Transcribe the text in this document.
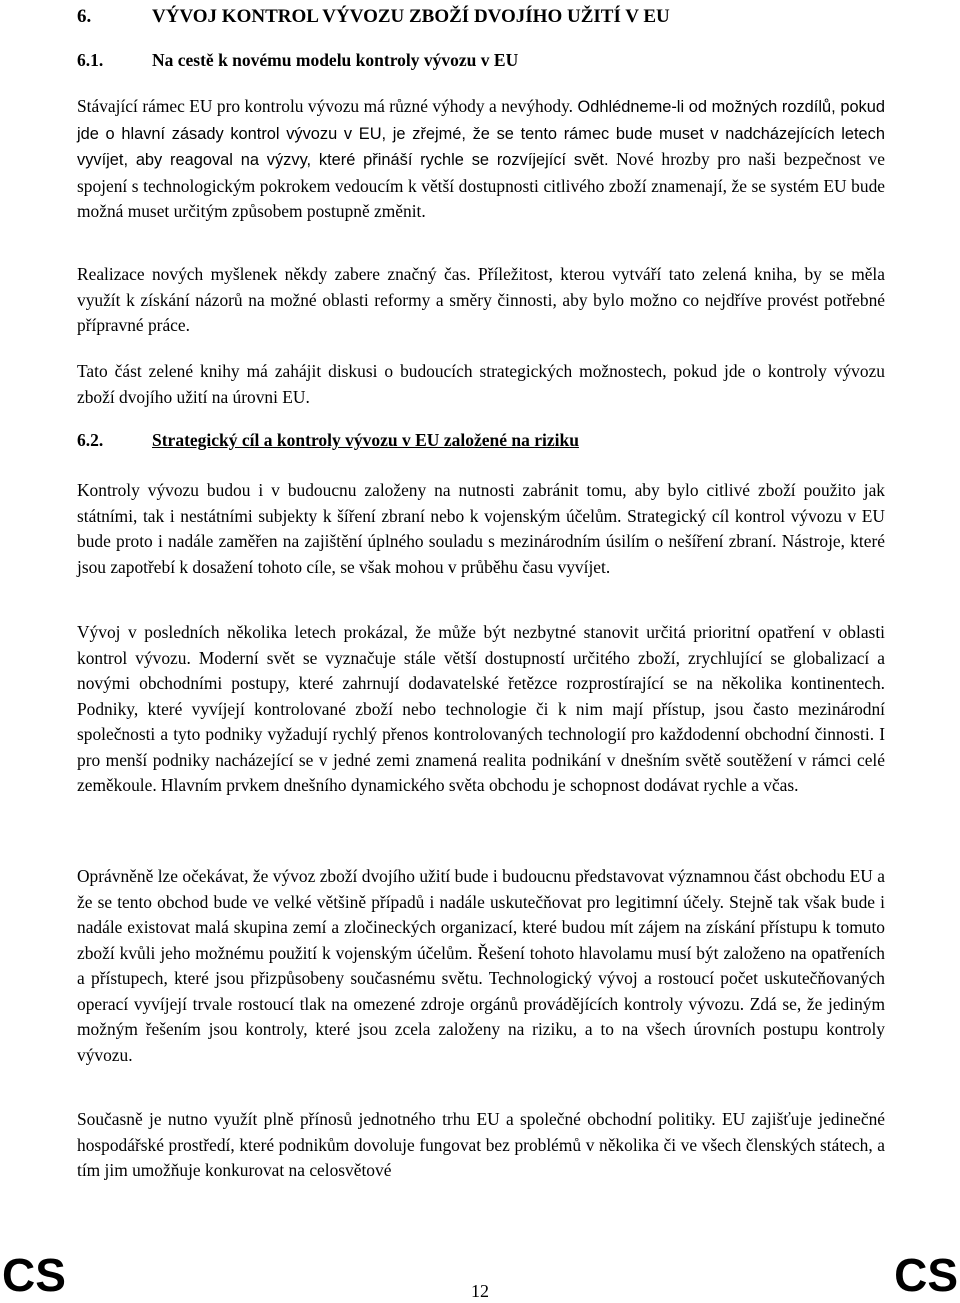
6.	VÝVOJ KONTROL VÝVOZU ZBOŽÍ DVOJÍHO UŽITÍ V EU
6.1.	Na cestě k novému modelu kontroly vývozu v EU

Stávající rámec EU pro kontrolu vývozu má různé výhody a nevýhody. Odhlédneme-li od možných rozdílů, pokud jde o hlavní zásady kontrol vývozu v EU, je zřejmé, že se tento rámec bude muset v nadcházejících letech vyvíjet, aby reagoval na výzvy, které přináší rychle se rozvíjející svět. Nové hrozby pro naši bezpečnost ve spojení s technologickým pokrokem vedoucím k větší dostupnosti citlivého zboží znamenají, že se systém EU bude možná muset určitým způsobem postupně změnit.

Realizace nových myšlenek někdy zabere značný čas. Příležitost, kterou vytváří tato zelená kniha, by se měla využít k získání názorů na možné oblasti reformy a směry činnosti, aby bylo možno co nejdříve provést potřebné přípravné práce.

Tato část zelené knihy má zahájit diskusi o budoucích strategických možnostech, pokud jde o kontroly vývozu zboží dvojího užití na úrovni EU.

6.2.	Strategický cíl a kontroly vývozu v EU založené na riziku

Kontroly vývozu budou i v budoucnu založeny na nutnosti zabránit tomu, aby bylo citlivé zboží použito jak státními, tak i nestátními subjekty k šíření zbraní nebo k vojenským účelům. Strategický cíl kontrol vývozu v EU bude proto i nadále zaměřen na zajištění úplného souladu s mezinárodním úsilím o nešíření zbraní. Nástroje, které jsou zapotřebí k dosažení tohoto cíle, se však mohou v průběhu času vyvíjet.

Vývoj v posledních několika letech prokázal, že může být nezbytné stanovit určitá prioritní opatření v oblasti kontrol vývozu. Moderní svět se vyznačuje stále větší dostupností určitého zboží, zrychlující se globalizací a novými obchodními postupy, které zahrnují dodavatelské řetězce rozprostírající se na několika kontinentech. Podniky, které vyvíjejí kontrolované zboží nebo technologie či k nim mají přístup, jsou často mezinárodní společnosti a tyto podniky vyžadují rychlý přenos kontrolovaných technologií pro každodenní obchodní činnosti. I pro menší podniky nacházející se v jedné zemi znamená realita podnikání v dnešním světě soutěžení v rámci celé zeměkoule. Hlavním prvkem dnešního dynamického světa obchodu je schopnost dodávat rychle a včas.

Oprávněně lze očekávat, že vývoz zboží dvojího užití bude i budoucnu představovat významnou část obchodu EU a že se tento obchod bude ve velké většině případů i nadále uskutečňovat pro legitimní účely. Stejně tak však bude i nadále existovat malá skupina zemí a zločineckých organizací, které budou mít zájem na získání přístupu k tomuto zboží kvůli jeho možnému použití k vojenským účelům. Řešení tohoto hlavolamu musí být založeno na opatřeních a přístupech, které jsou přizpůsobeny současnému světu. Technologický vývoj a rostoucí počet uskutečňovaných operací vyvíjejí trvale rostoucí tlak na omezené zdroje orgánů provádějících kontroly vývozu. Zdá se, že jediným možným řešením jsou kontroly, které jsou zcela založeny na riziku, a to na všech úrovních postupu kontroly vývozu.

Současně je nutno využít plně přínosů jednotného trhu EU a společné obchodní politiky. EU zajišťuje jedinečné hospodářské prostředí, které podnikům dovoluje fungovat bez problémů v několika či ve všech členských státech, a tím jim umožňuje konkurovat na celosvětové

CS	12	CS
